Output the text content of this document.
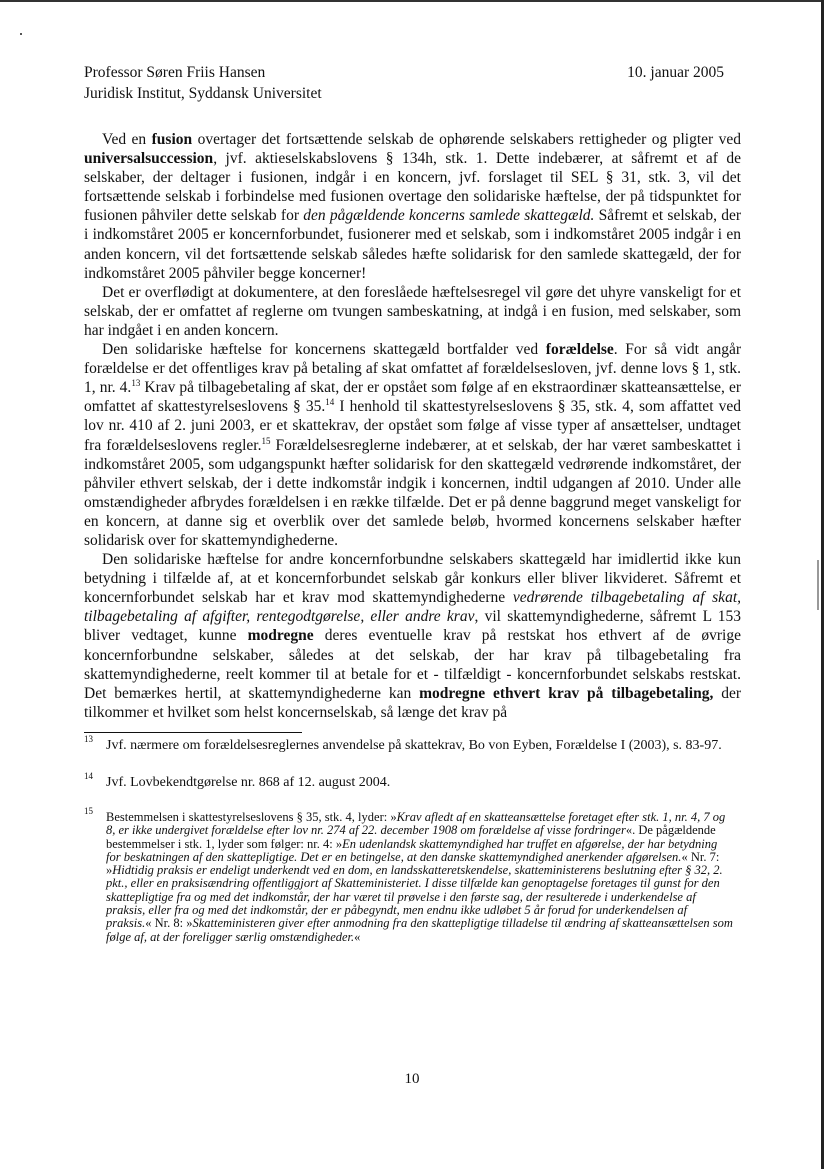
Professor Søren Friis Hansen
Juridisk Institut, Syddansk Universitet
10. januar 2005

Ved en fusion overtager det fortsættende selskab de ophørende selskabers rettigheder og pligter ved universalsuccession, jvf. aktieselskabslovens § 134h, stk. 1. Dette indebærer, at såfremt et af de selskaber, der deltager i fusionen, indgår i en koncern, jvf. forslaget til SEL § 31, stk. 3, vil det fortsættende selskab i forbindelse med fusionen overtage den solidariske hæftelse, der på tidspunktet for fusionen påhviler dette selskab for den pågældende koncerns samlede skattegæld. Såfremt et selskab, der i indkomståret 2005 er koncernforbundet, fusionerer med et selskab, som i indkomståret 2005 indgår i en anden koncern, vil det fortsættende selskab således hæfte solidarisk for den samlede skattegæld, der for indkomståret 2005 påhviler begge koncerner!

Det er overflødigt at dokumentere, at den foreslåede hæftelsesregel vil gøre det uhyre vanskeligt for et selskab, der er omfattet af reglerne om tvungen sambeskatning, at indgå i en fusion, med selskaber, som har indgået i en anden koncern.

Den solidariske hæftelse for koncernens skattegæld bortfalder ved forældelse. For så vidt angår forældelse er det offentliges krav på betaling af skat omfattet af forældelsesloven, jvf. denne lovs § 1, stk. 1, nr. 4.13 Krav på tilbagebetaling af skat, der er opstået som følge af en ekstraordinær skatteansættelse, er omfattet af skattestyrelseslovens § 35.14 I henhold til skattestyrelseslovens § 35, stk. 4, som affattet ved lov nr. 410 af 2. juni 2003, er et skattekrav, der opstået som følge af visse typer af ansættelser, undtaget fra forældelseslovens regler.$^{15}$ Forældelsesreglerne indebærer, at et selskab, der har været sambeskattet i indkomståret 2005, som udgangspunkt hæfter solidarisk for den skattegæld vedrørende indkomståret, der påhviler ethvert selskab, der i dette indkomstår indgik i koncernen, indtil udgangen af 2010. Under alle omstændigheder afbrydes forældelsen i en række tilfælde. Det er på denne baggrund meget vanskeligt for en koncern, at danne sig et overblik over det samlede beløb, hvormed koncernens selskaber hæfter solidarisk over for skattemyndighederne.

Den solidariske hæftelse for andre koncernforbundne selskabers skattegæld har imidlertid ikke kun betydning i tilfælde af, at et koncernforbundet selskab går konkurs eller bliver likvideret. Såfremt et koncernforbundet selskab har et krav mod skattemyndighederne vedrørende tilbagebetaling af skat, tilbagebetaling af afgifter, rentegodtgørelse, eller andre krav, vil skattemyndighederne, såfremt L 153 bliver vedtaget, kunne modregne deres eventuelle krav på restskat hos ethvert af de øvrige koncernforbundne selskaber, således at det selskab, der har krav på tilbagebetaling fra skattemyndighederne, reelt kommer til at betale for et - tilfældigt - koncernforbundet selskabs restskat. Det bemærkes hertil, at skattemyndighederne kan modregne ethvert krav på tilbagebetaling, der tilkommer et hvilket som helst koncernselskab, så længe det krav på

13 Jvf. nærmere om forældelsesreglernes anvendelse på skattekrav, Bo von Eyben, Forældelse I (2003), s. 83-97.
14 Jvf. Lovbekendtgørelse nr. 868 af 12. august 2004.
15 Bestemmelsen i skattestyrelseslovens § 35, stk. 4, lyder: »Krav afledt af en skatteansættelse foretaget efter stk. 1, nr. 4, 7 og 8, er ikke undergivet forældelse efter lov nr. 274 af 22. december 1908 om forældelse af visse fordringer«. De pågældende bestemmelser i stk. 1, lyder som følger: nr. 4: »En udenlandsk skattemyndighed har truffet en afgørelse, der har betydning for beskatningen af den skattepligtige. Det er en betingelse, at den danske skattemyndighed anerkender afgørelsen.« Nr. 7: »Hidtidig praksis er endeligt underkendt ved en dom, en landsskatteretskendelse, skatteministerens beslutning efter § 32, 2. pkt., eller en praksisændring offentliggjort af Skatteministeriet. I disse tilfælde kan genoptagelse foretages til gunst for den skattepligtige fra og med det indkomstår, der har været til prøvelse i den første sag, der resulterede i underkendelse af praksis, eller fra og med det indkomstår, der er påbegyndt, men endnu ikke udløbet 5 år forud for underkendelsen af praksis.« Nr. 8: »Skatteministeren giver efter anmodning fra den skattepligtige tilladelse til ændring af skatteansættelsen som følge af, at der foreligger særlig omstændigheder.«
10
